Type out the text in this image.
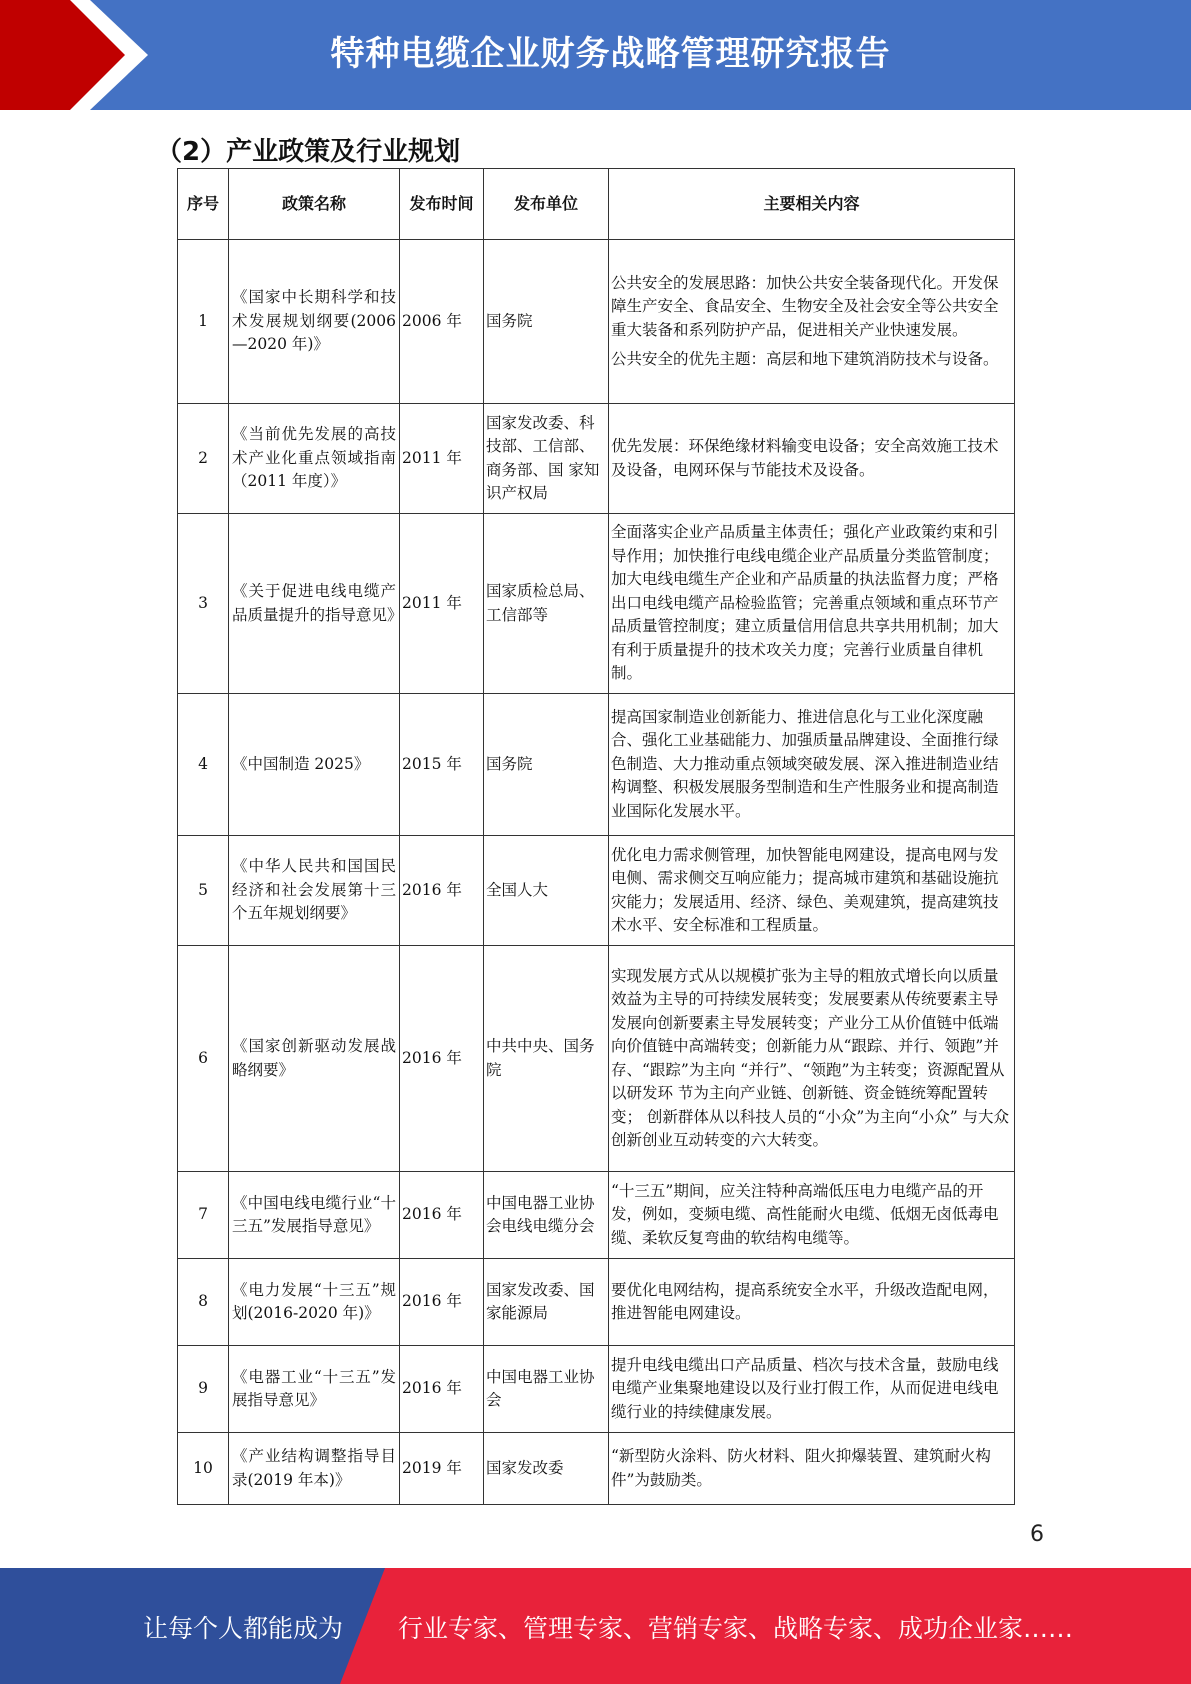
特种电缆企业财务战略管理研究报告
（2）产业政策及行业规划
序号	政策名称	发布时间	发布单位	主要相关内容
1	《国家中长期科学和技术发展规划纲要(2006—2020 年)》	2006 年	国务院	公共安全的发展思路：加快公共安全装备现代化。开发保障生产安全、食品安全、生物安全及社会安全等公共安全重大装备和系列防护产品，促进相关产业快速发展。

公共安全的优先主题：高层和地下建筑消防技术与设备。

2	《当前优先发展的高技术产业化重点领域指南（2011 年度）》	2011 年	国家发改委、科技部、工信部、商务部、国 家知识产权局	优先发展：环保绝缘材料输变电设备；安全高效施工技术及设备，电网环保与节能技术及设备。

3	《关于促进电线电缆产品质量提升的指导意见》	2011 年	国家质检总局、工信部等	全面落实企业产品质量主体责任；强化产业政策约束和引导作用；加快推行电线电缆企业产品质量分类监管制度；加大电线电缆生产企业和产品质量的执法监督力度；严格出口电线电缆产品检验监管；完善重点领域和重点环节产品质量管控制度；建立质量信用信息共享共用机制；加大有利于质量提升的技术攻关力度；完善行业质量自律机制。

4	《中国制造 2025》	2015 年	国务院	提高国家制造业创新能力、推进信息化与工业化深度融合、强化工业基础能力、加强质量品牌建设、全面推行绿色制造、大力推动重点领域突破发展、深入推进制造业结构调整、积极发展服务型制造和生产性服务业和提高制造业国际化发展水平。

5	《中华人民共和国国民经济和社会发展第十三个五年规划纲要》	2016 年	全国人大	优化电力需求侧管理，加快智能电网建设，提高电网与发电侧、需求侧交互响应能力；提高城市建筑和基础设施抗灾能力；发展适用、经济、绿色、美观建筑，提高建筑技术水平、安全标准和工程质量。

6	《国家创新驱动发展战略纲要》	2016 年	中共中央、国务院	实现发展方式从以规模扩张为主导的粗放式增长向以质量效益为主导的可持续发展转变；发展要素从传统要素主导发展向创新要素主导发展转变；产业分工从价值链中低端向价值链中高端转变；创新能力从“跟踪、并行、领跑”并存、“跟踪”为主向 “并行”、“领跑”为主转变；资源配置从以研发环 节为主向产业链、创新链、资金链统筹配置转变； 创新群体从以科技人员的“小众”为主向“小众” 与大众创新创业互动转变的六大转变。

7	《中国电线电缆行业“十三五”发展指导意见》	2016 年	中国电器工业协会电线电缆分会	“十三五”期间，应关注特种高端低压电力电缆产品的开发，例如，变频电缆、高性能耐火电缆、低烟无卤低毒电缆、柔软反复弯曲的软结构电缆等。

8	《电力发展“十三五”规划(2016-2020 年)》	2016 年	国家发改委、国家能源局	要优化电网结构，提高系统安全水平，升级改造配电网，推进智能电网建设。

9	《电器工业“十三五”发展指导意见》	2016 年	中国电器工业协会	提升电线电缆出口产品质量、档次与技术含量，鼓励电线电缆产业集聚地建设以及行业打假工作，从而促进电线电缆行业的持续健康发展。

10	《产业结构调整指导目录(2019 年本)》	2019 年	国家发改委	“新型防火涂料、防火材料、阻火抑爆装置、建筑耐火构件”为鼓励类。

6
让每个人都能成为 行业专家、管理专家、营销专家、战略专家、成功企业家……
